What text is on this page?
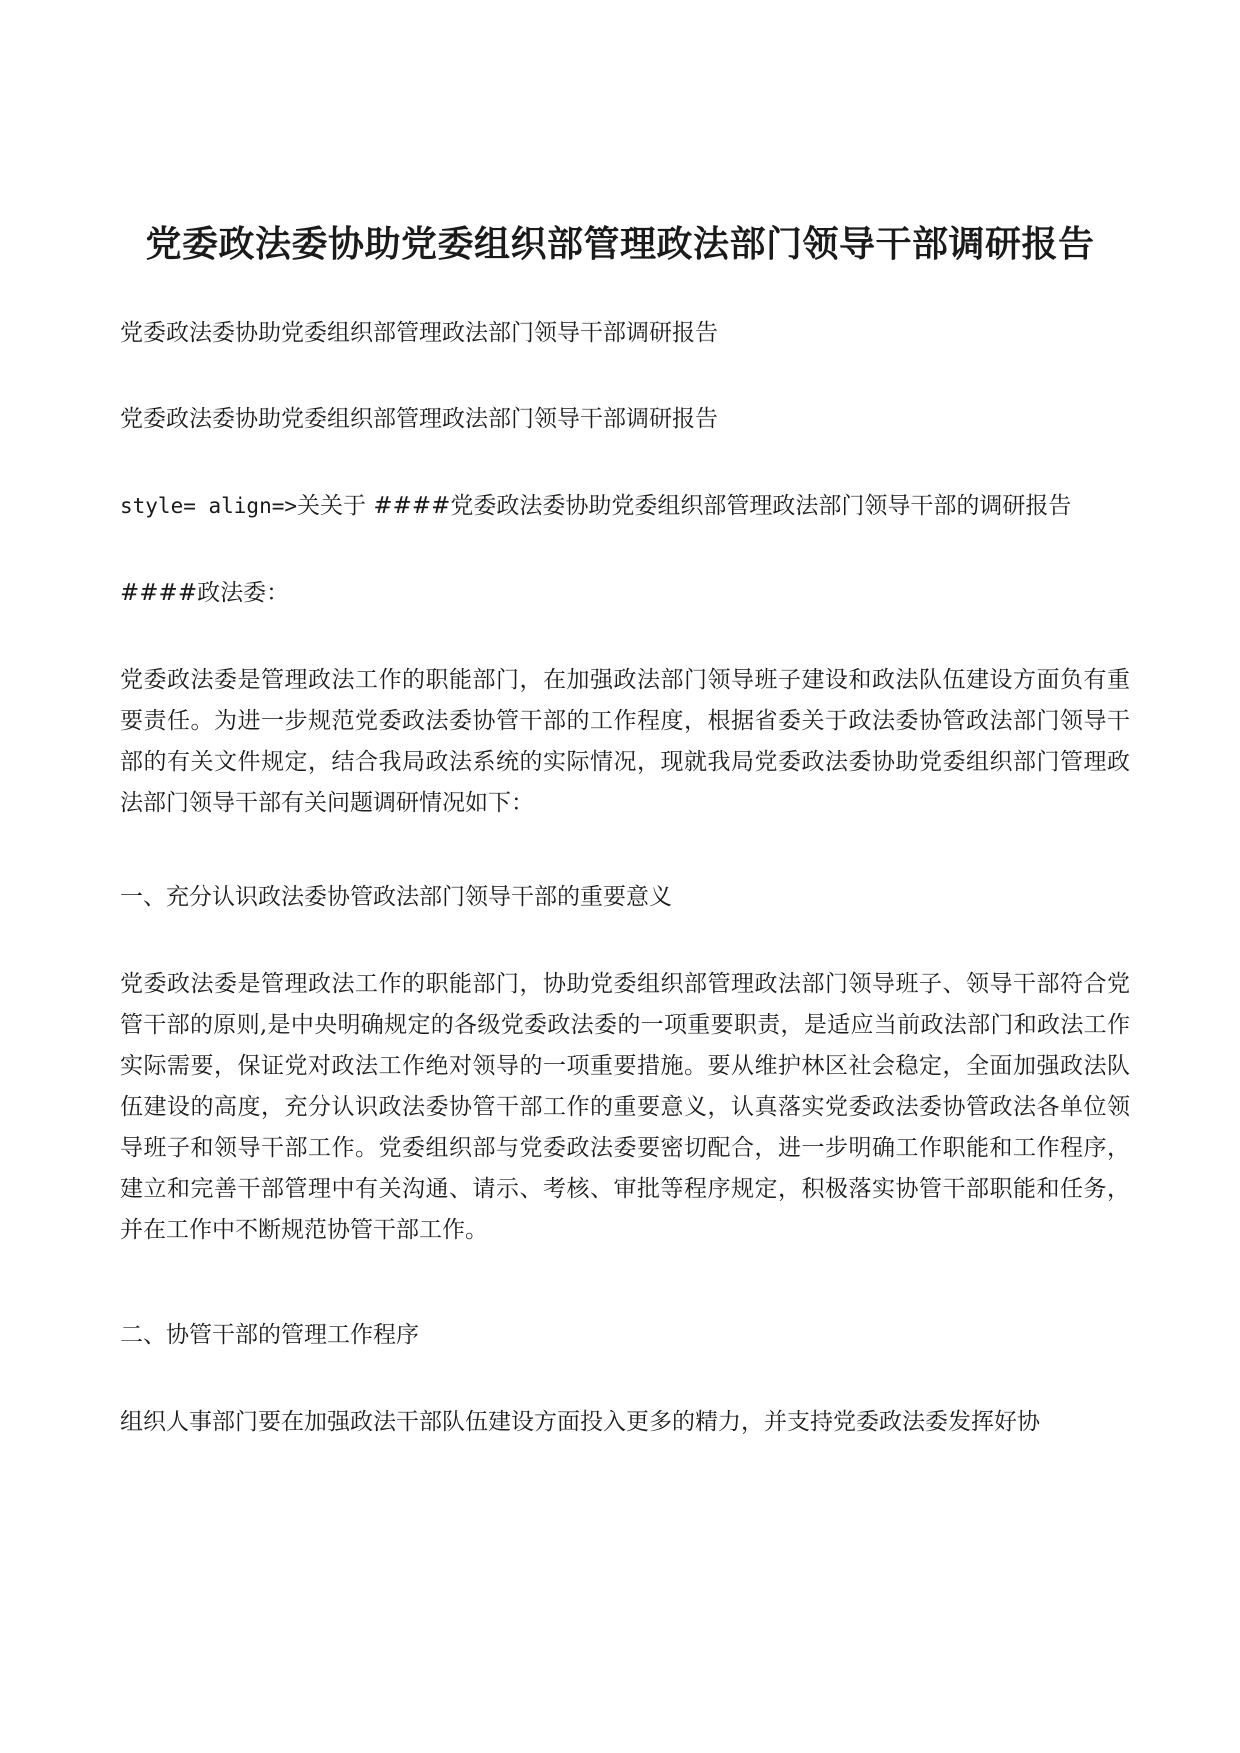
党委政法委协助党委组织部管理政法部门领导干部调研报告

党委政法委协助党委组织部管理政法部门领导干部调研报告

党委政法委协助党委组织部管理政法部门领导干部调研报告

style= align=>关关于 ####党委政法委协助党委组织部管理政法部门领导干部的调研报告

####政法委：

党委政法委是管理政法工作的职能部门，在加强政法部门领导班子建设和政法队伍建设方面负有重要责任。为进一步规范党委政法委协管干部的工作程度，根据省委关于政法委协管政法部门领导干部的有关文件规定，结合我局政法系统的实际情况，现就我局党委政法委协助党委组织部门管理政法部门领导干部有关问题调研情况如下：

一、充分认识政法委协管政法部门领导干部的重要意义

党委政法委是管理政法工作的职能部门，协助党委组织部管理政法部门领导班子、领导干部符合党管干部的原则,是中央明确规定的各级党委政法委的一项重要职责，是适应当前政法部门和政法工作实际需要，保证党对政法工作绝对领导的一项重要措施。要从维护林区社会稳定，全面加强政法队伍建设的高度，充分认识政法委协管干部工作的重要意义，认真落实党委政法委协管政法各单位领导班子和领导干部工作。党委组织部与党委政法委要密切配合，进一步明确工作职能和工作程序，建立和完善干部管理中有关沟通、请示、考核、审批等程序规定，积极落实协管干部职能和任务，并在工作中不断规范协管干部工作。

二、协管干部的管理工作程序

组织人事部门要在加强政法干部队伍建设方面投入更多的精力，并支持党委政法委发挥好协
